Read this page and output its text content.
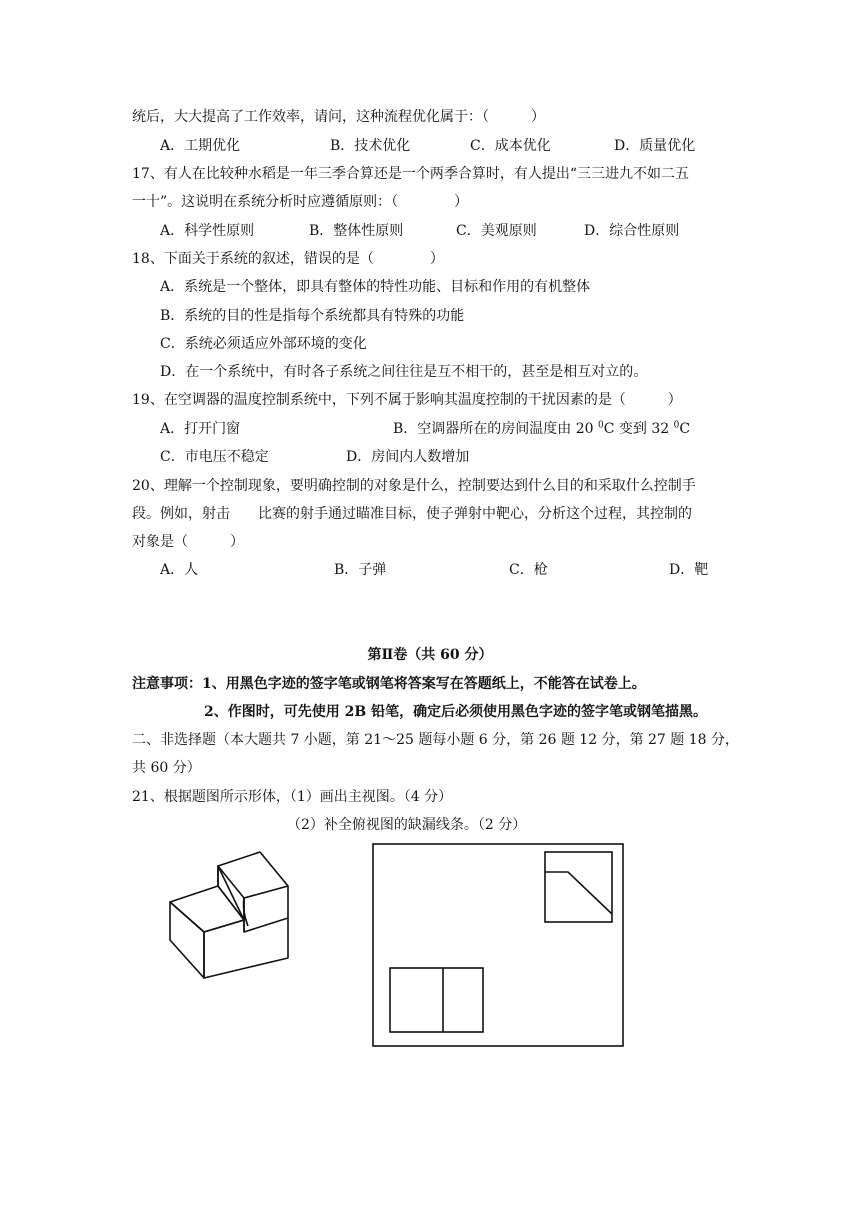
统后，大大提高了工作效率，请问，这种流程优化属于：（　　　）
A．工期优化	B．技术优化	C．成本优化	D．质量优化
17、有人在比较种水稻是一年三季合算还是一个两季合算时，有人提出“三三进九不如二五
一十”。这说明在系统分析时应遵循原则：（　　　　）
A．科学性原则	B．整体性原则	C．美观原则	D．综合性原则
18、下面关于系统的叙述，错误的是（　　　　）
A．系统是一个整体，即具有整体的特性功能、目标和作用的有机整体
B．系统的目的性是指每个系统都具有特殊的功能
C．系统必须适应外部环境的变化
D．在一个系统中，有时各子系统之间往往是互不相干的，甚至是相互对立的。
19、在空调器的温度控制系统中，下列不属于影响其温度控制的干扰因素的是（　　　）
A．打开门窗	B．空调器所在的房间温度由 20 $^0$C 变到 32 $^0$C
C．市电压不稳定	D．房间内人数增加
20、理解一个控制现象，要明确控制的对象是什么，控制要达到什么目的和采取什么控制手
段。例如，射击　　比赛的射手通过瞄准目标，使子弹射中靶心，分析这个过程，其控制的
对象是（　　　）
A．人	B．子弹	C．枪	D．靶
第Ⅱ卷（共 60 分）
注意事项：1、用黑色字迹的签字笔或钢笔将答案写在答题纸上，不能答在试卷上。
2、作图时，可先使用 2B 铅笔，确定后必须使用黑色字迹的签字笔或钢笔描黑。
二、非选择题（本大题共 7 小题，第 21～25 题每小题 6 分，第 26 题 12 分，第 27 题 18 分，
共 60 分）
21、根据题图所示形体，（1）画出主视图。（4 分）
（2）补全俯视图的缺漏线条。（2 分）
